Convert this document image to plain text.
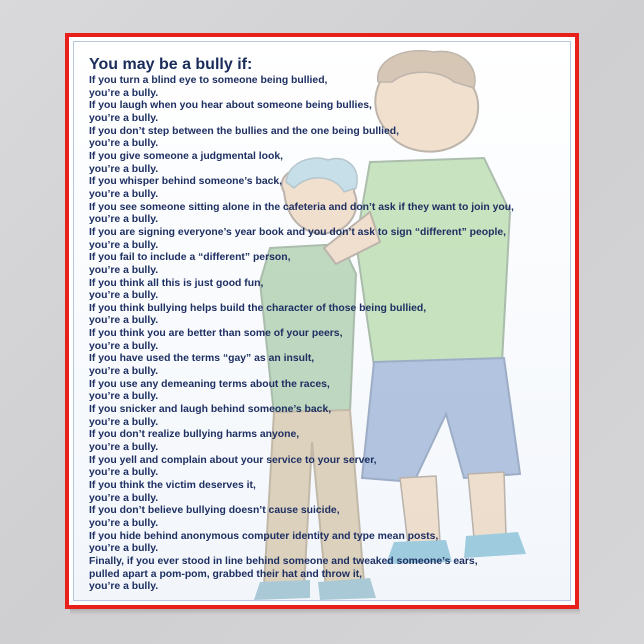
You may be a bully if:
If you turn a blind eye to someone being bullied,
you’re a bully.
If you laugh when you hear about someone being bullies,
you’re a bully.
If you don’t step between the bullies and the one being bullied,
you’re a bully.
If you give someone a judgmental look,
you’re a bully.
If you whisper behind someone’s back,
you’re a bully.
If you see someone sitting alone in the cafeteria and don’t ask if they want to join you,
you’re a bully.
If you are signing everyone’s year book and you don’t ask to sign “different” people,
you’re a bully.
If you fail to include a “different” person,
you’re a bully.
If you think all this is just good fun,
you’re a bully.
If you think bullying helps build the character of those being bullied,
you’re a bully.
If you think you are better than some of your peers,
you’re a bully.
If you have used the terms “gay” as an insult,
you’re a bully.
If you use any demeaning terms about the races,
you’re a bully.
If you snicker and laugh behind someone’s back,
you’re a bully.
If you don’t realize bullying harms anyone,
you’re a bully.
If you yell and complain about your service to your server,
you’re a bully.
If you think the victim deserves it,
you’re a bully.
If you don’t believe bullying doesn’t cause suicide,
you’re a bully.
If you hide behind anonymous computer identity and type mean posts,
you’re a bully.
Finally, if you ever stood in line behind someone and tweaked someone’s ears,
pulled apart a pom-pom, grabbed their hat and throw it,
you’re a bully.
